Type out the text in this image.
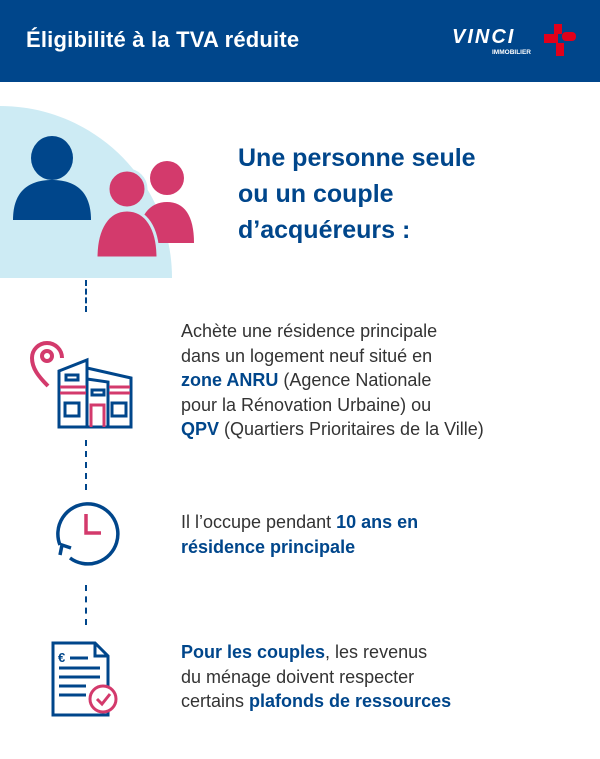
Éligibilité à la TVA réduite	VINCI
IMMOBILIER
Une personne seule
ou un couple
d’acquéreurs :
€
Achète une résidence principale
dans un logement neuf situé en
zone ANRU (Agence Nationale
pour la Rénovation Urbaine) ou
QPV (Quartiers Prioritaires de la Ville)
Il l’occupe pendant 10 ans en
résidence principale
Pour les couples, les revenus
du ménage doivent respecter
certains plafonds de ressources
